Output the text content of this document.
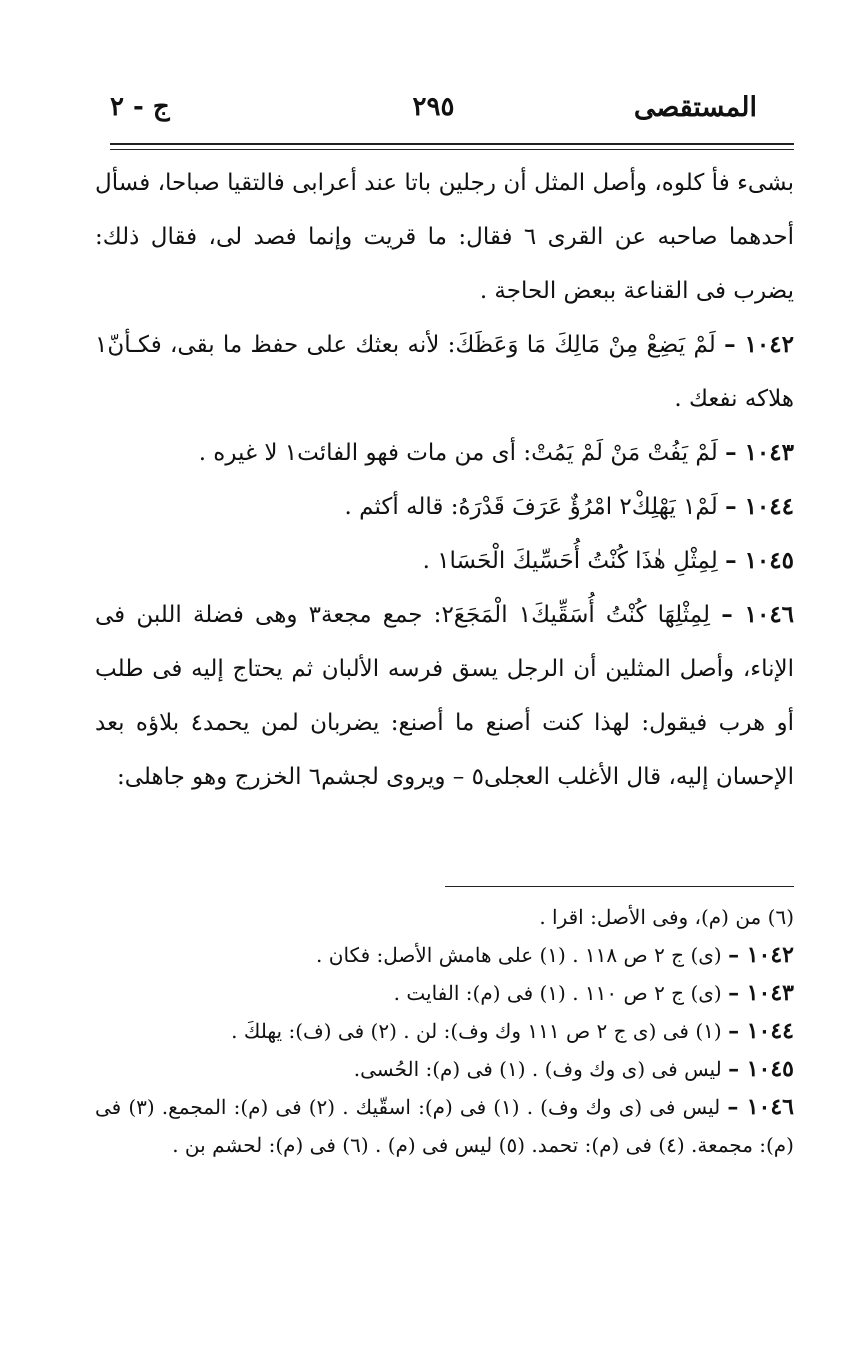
المستقصى
٢٩٥
ج - ٢

بشىء فأ كلوه، وأصل المثل أن رجلين باتا عند أعرابى فالتقيا صباحا، فسأل أحدهما صاحبه عن القرى ٦ فقال: ما قريت وإنما فصد لى، فقال ذلك: يضرب فى القناعة ببعض الحاجة .

١٠٤٢ – لَمْ يَضِعْ مِنْ مَالِكَ مَا وَعَظَكَ: لأنه بعثك على حفظ ما بقى، فكـأنّ١ هلاكه نفعك .

١٠٤٣ – لَمْ يَفُتْ مَنْ لَمْ يَمُتْ: أى من مات فهو الفائت١ لا غيره .

١٠٤٤ – لَمْ١ يَهْلِكْ٢ امْرُؤٌ عَرَفَ قَدْرَهُ: قاله أكثم .

١٠٤٥ – لِمِثْلِ هٰذَا كُنْتُ أُحَسِّيكَ الْحَسَا١ .

١٠٤٦ – لِمِثْلِهَا كُنْتُ أُسَقِّيكَ١ الْمَجَعَ٢: جمع مجعة٣ وهى فضلة اللبن فى الإناء، وأصل المثلين أن الرجل يسق فرسه الألبان ثم يحتاج إليه فى طلب أو هرب فيقول: لهذا كنت أصنع ما أصنع: يضربان لمن يحمد٤ بلاؤه بعد الإحسان إليه، قال الأغلب العجلى٥ – ويروى لجشم٦ الخزرج وهو جاهلى:

(٦) من (م)، وفى الأصل: اقرا .

١٠٤٢ – (ى) ج ٢ ص ١١٨ . (١) على هامش الأصل: فكان .

١٠٤٣ – (ى) ج ٢ ص ١١٠ . (١) فى (م): الفايت .

١٠٤٤ – (١) فى (ى ج ٢ ص ١١١ وك وف): لن . (٢) فى (ف): يهلكَ .

١٠٤٥ – ليس فى (ى وك وف) . (١) فى (م): الحُسى.

١٠٤٦ – ليس فى (ى وك وف) . (١) فى (م): اسقّيك . (٢) فى (م): المجمع. (٣) فى (م): مجمعة. (٤) فى (م): تحمد. (٥) ليس فى (م) . (٦) فى (م): لحشم بن .
